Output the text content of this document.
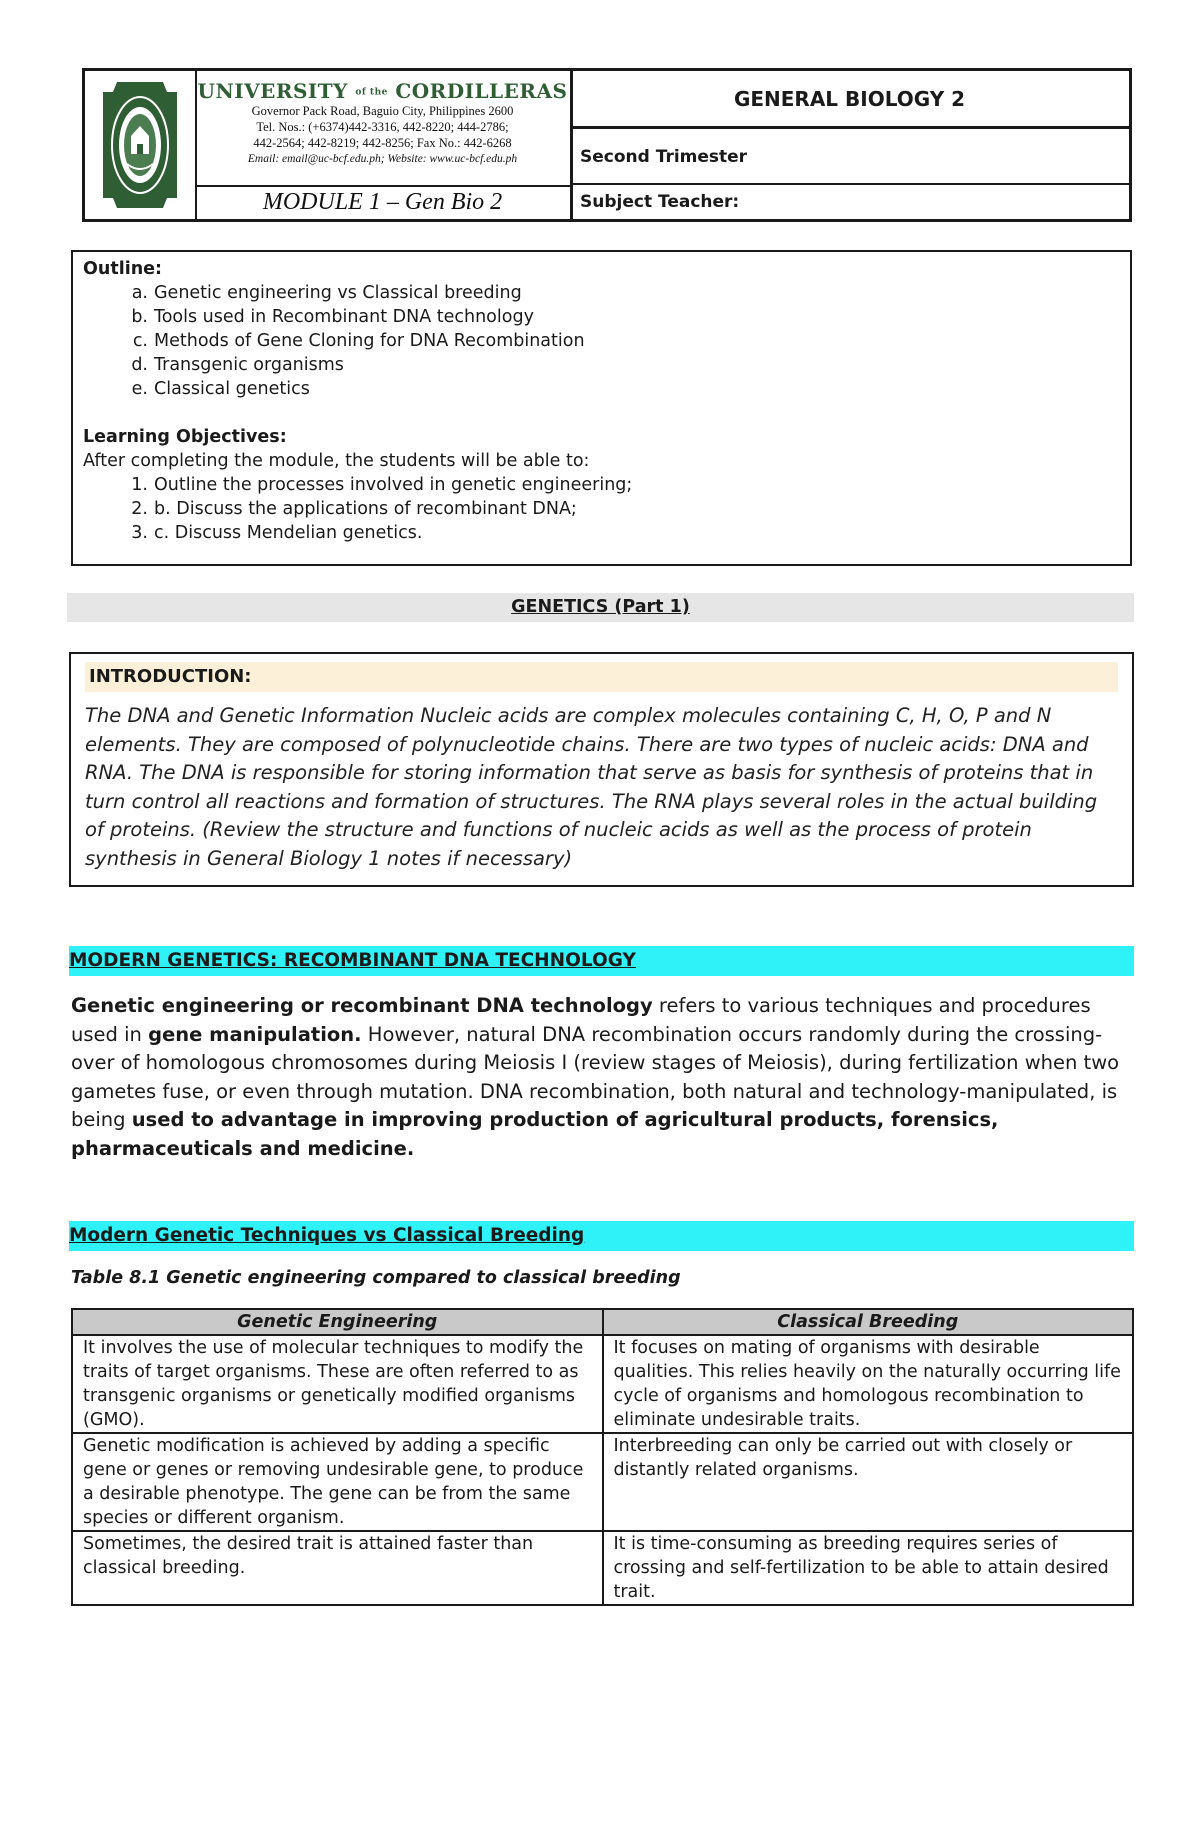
UNIVERSITY of the CORDILLERAS
Governor Pack Road, Baguio City, Philippines 2600
Tel. Nos.: (+6374)442-3316, 442-8220; 444-2786;
442-2564; 442-8219; 442-8256; Fax No.: 442-6268
Email: email@uc-bcf.edu.ph; Website: www.uc-bcf.edu.ph
MODULE 1 – Gen Bio 2
GENERAL BIOLOGY 2
Second Trimester
Subject Teacher:
Outline:
a. Genetic engineering vs Classical breeding
b. Tools used in Recombinant DNA technology
c. Methods of Gene Cloning for DNA Recombination
d. Transgenic organisms
e. Classical genetics
Learning Objectives:
After completing the module, the students will be able to:
1. Outline the processes involved in genetic engineering;
2. b. Discuss the applications of recombinant DNA;
3. c. Discuss Mendelian genetics.
GENETICS (Part 1)
INTRODUCTION:
The DNA and Genetic Information Nucleic acids are complex molecules containing C, H, O, P and N elements. They are composed of polynucleotide chains. There are two types of nucleic acids: DNA and RNA. The DNA is responsible for storing information that serve as basis for synthesis of proteins that in turn control all reactions and formation of structures. The RNA plays several roles in the actual building of proteins. (Review the structure and functions of nucleic acids as well as the process of protein synthesis in General Biology 1 notes if necessary)
MODERN GENETICS: RECOMBINANT DNA TECHNOLOGY
Genetic engineering or recombinant DNA technology refers to various techniques and procedures used in gene manipulation. However, natural DNA recombination occurs randomly during the crossing-over of homologous chromosomes during Meiosis I (review stages of Meiosis), during fertilization when two gametes fuse, or even through mutation. DNA recombination, both natural and technology-manipulated, is being used to advantage in improving production of agricultural products, forensics, pharmaceuticals and medicine.
Modern Genetic Techniques vs Classical Breeding
Table 8.1 Genetic engineering compared to classical breeding
Genetic Engineering	Classical Breeding
It involves the use of molecular techniques to modify the traits of target organisms. These are often referred to as transgenic organisms or genetically modified organisms (GMO).	It focuses on mating of organisms with desirable qualities. This relies heavily on the naturally occurring life cycle of organisms and homologous recombination to eliminate undesirable traits.
Genetic modification is achieved by adding a specific gene or genes or removing undesirable gene, to produce a desirable phenotype. The gene can be from the same species or different organism.	Interbreeding can only be carried out with closely or distantly related organisms.
Sometimes, the desired trait is attained faster than classical breeding.	It is time-consuming as breeding requires series of crossing and self-fertilization to be able to attain desired trait.
